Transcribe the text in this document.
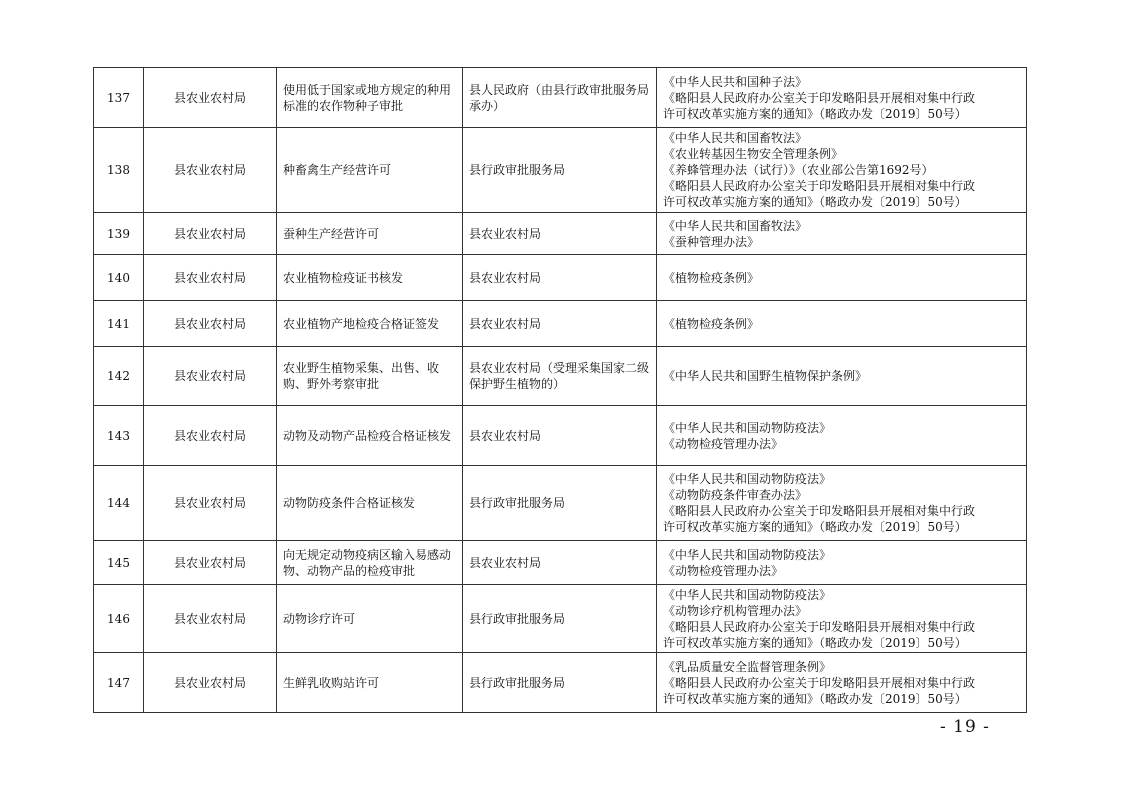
137	县农业农村局	使用低于国家或地方规定的种用标准的农作物种子审批	县人民政府（由县行政审批服务局承办）	《中华人民共和国种子法》
《略阳县人民政府办公室关于印发略阳县开展相对集中行政
许可权改革实施方案的通知》（略政办发〔2019〕50号）

138	县农业农村局	种畜禽生产经营许可	县行政审批服务局	《中华人民共和国畜牧法》
《农业转基因生物安全管理条例》
《养蜂管理办法（试行）》（农业部公告第1692号）
《略阳县人民政府办公室关于印发略阳县开展相对集中行政
许可权改革实施方案的通知》（略政办发〔2019〕50号）

139	县农业农村局	蚕种生产经营许可	县农业农村局	《中华人民共和国畜牧法》
《蚕种管理办法》

140	县农业农村局	农业植物检疫证书核发	县农业农村局	《植物检疫条例》

141	县农业农村局	农业植物产地检疫合格证签发	县农业农村局	《植物检疫条例》

142	县农业农村局	农业野生植物采集、出售、收购、野外考察审批	县农业农村局（受理采集国家二级保护野生植物的）	《中华人民共和国野生植物保护条例》

143	县农业农村局	动物及动物产品检疫合格证核发	县农业农村局	《中华人民共和国动物防疫法》
《动物检疫管理办法》

144	县农业农村局	动物防疫条件合格证核发	县行政审批服务局	《中华人民共和国动物防疫法》
《动物防疫条件审查办法》
《略阳县人民政府办公室关于印发略阳县开展相对集中行政
许可权改革实施方案的通知》（略政办发〔2019〕50号）

145	县农业农村局	向无规定动物疫病区输入易感动物、动物产品的检疫审批	县农业农村局	《中华人民共和国动物防疫法》
《动物检疫管理办法》

146	县农业农村局	动物诊疗许可	县行政审批服务局	《中华人民共和国动物防疫法》
《动物诊疗机构管理办法》
《略阳县人民政府办公室关于印发略阳县开展相对集中行政
许可权改革实施方案的通知》（略政办发〔2019〕50号）

147	县农业农村局	生鲜乳收购站许可	县行政审批服务局	《乳品质量安全监督管理条例》
《略阳县人民政府办公室关于印发略阳县开展相对集中行政
许可权改革实施方案的通知》（略政办发〔2019〕50号）
- 19 -
